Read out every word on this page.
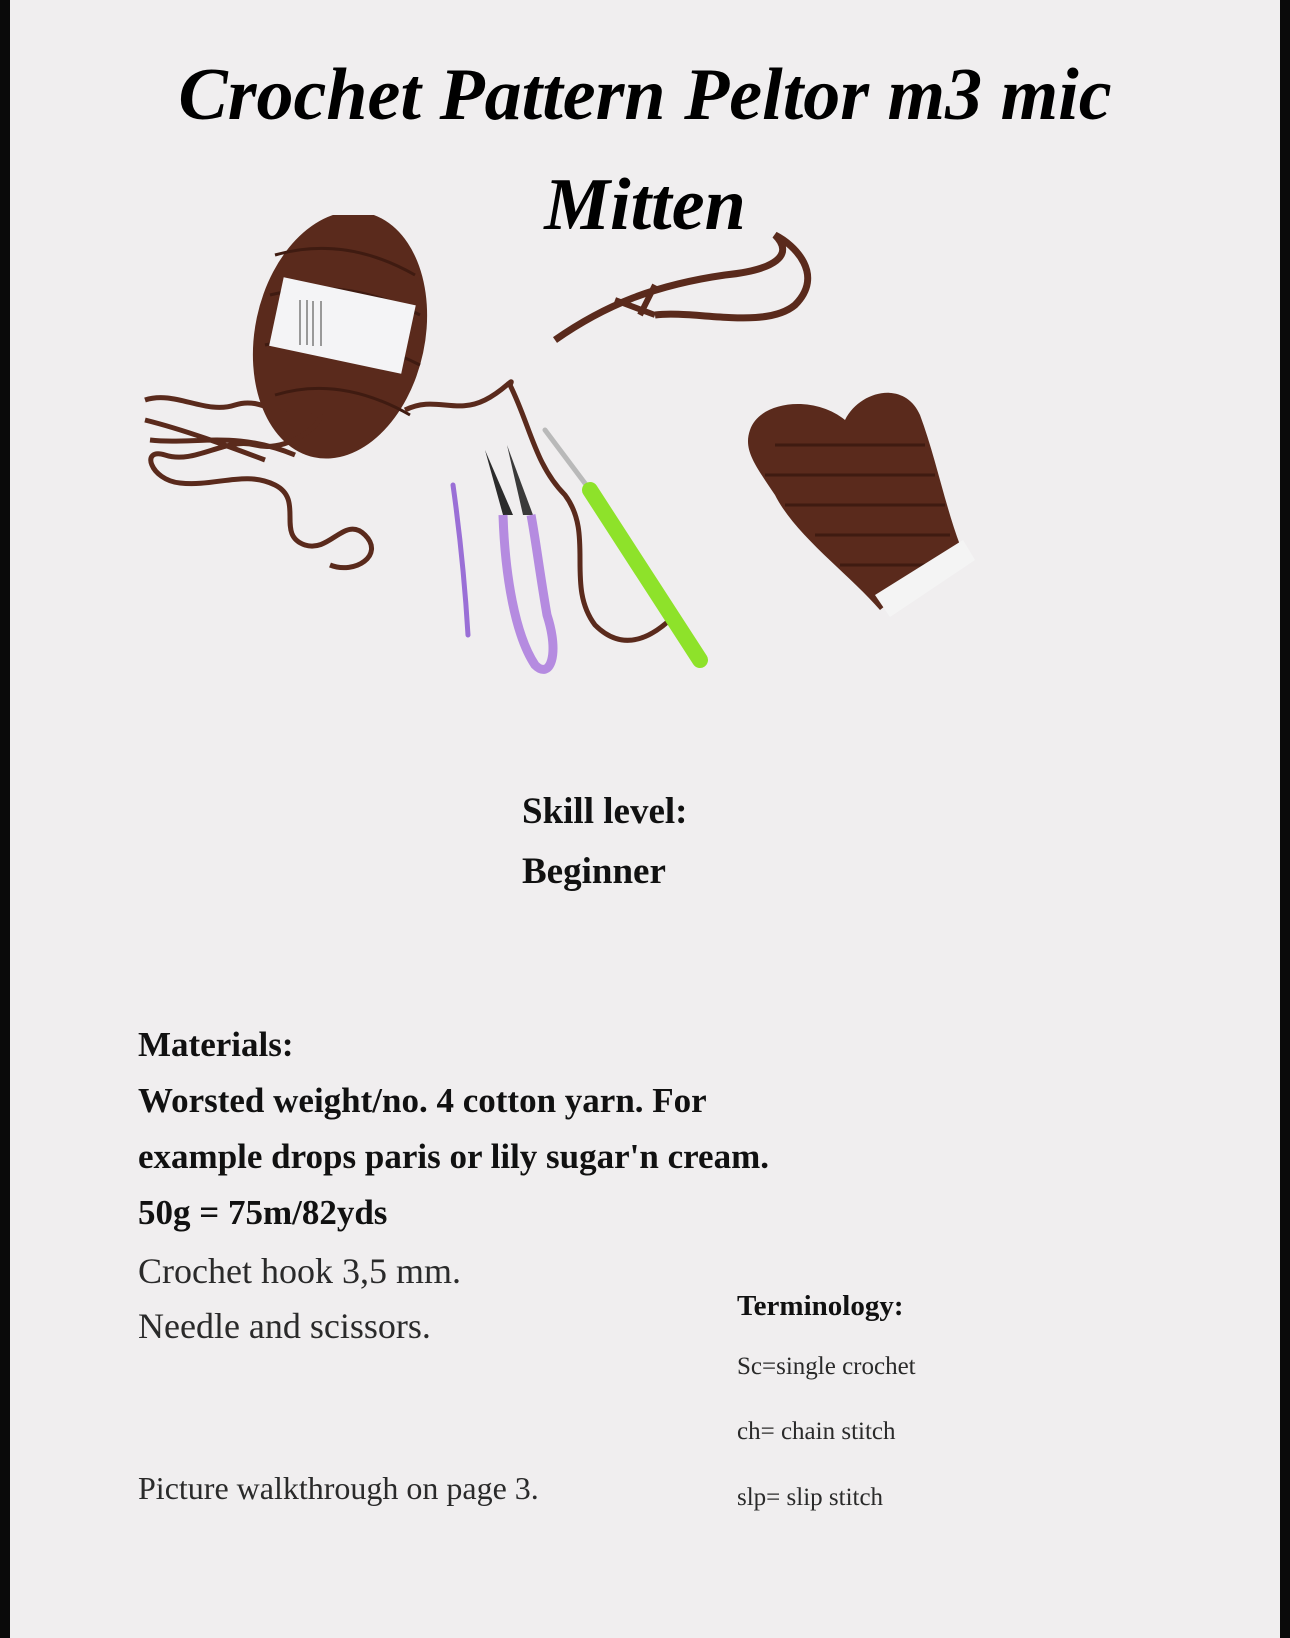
Crochet Pattern Peltor m3 mic
Mitten
Skill level:
Beginner
Materials:
Worsted weight/no. 4 cotton yarn. For
example drops paris or lily sugar'n cream.
50g = 75m/82yds
Crochet hook 3,5 mm.
Needle and scissors.
Picture walkthrough on page 3.
Terminology:
Sc=single crochet
ch= chain stitch
slp= slip stitch
